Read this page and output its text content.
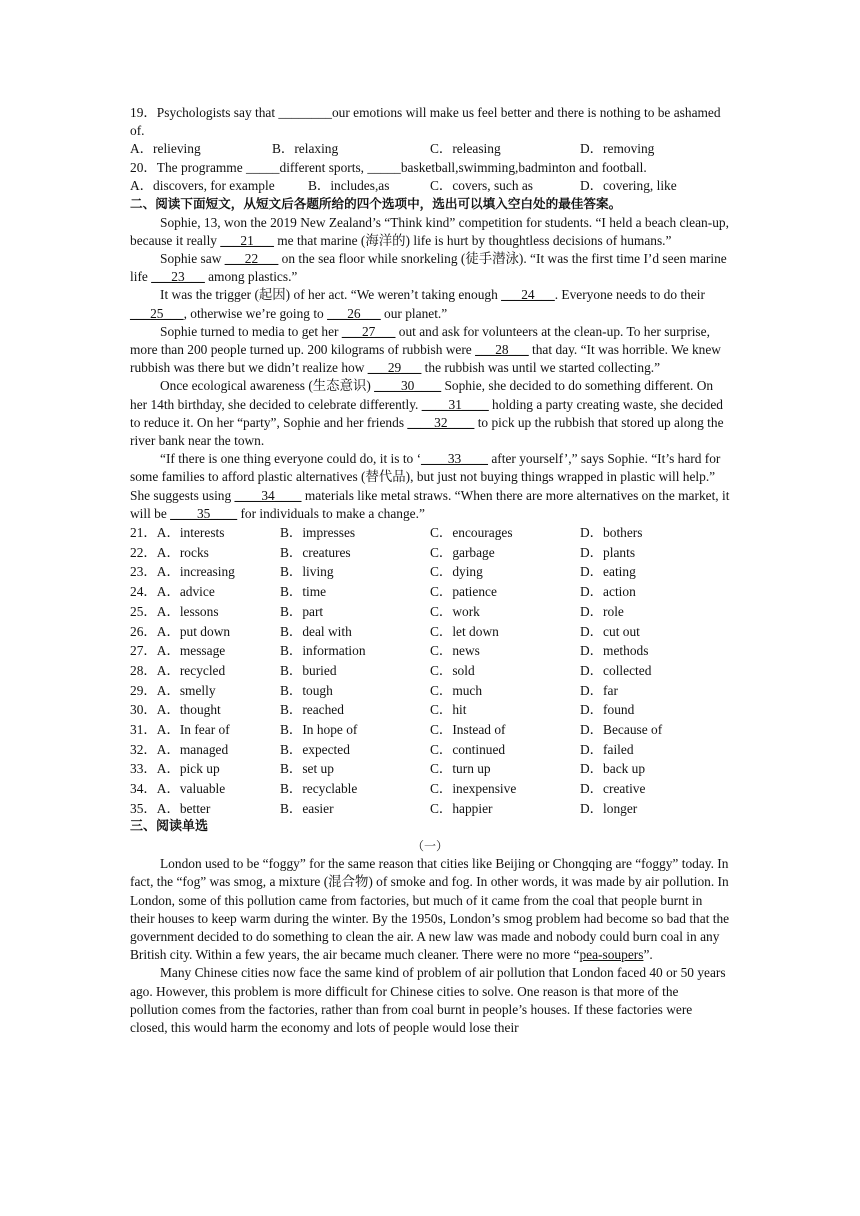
19．Psychologists say that ________our emotions will make us feel better and there is nothing to be ashamed of.

A．relieving	B．relaxing	C．releasing	D．removing

20．The programme _____different sports, _____basketball,swimming,badminton and football.

A．discovers, for example	B．includes,as	C．covers, such as	D．covering, like

二、阅读下面短文，从短文后各题所给的四个选项中，选出可以填入空白处的最佳答案。

Sophie, 13, won the 2019 New Zealand’s “Think kind” competition for students. “I held a beach clean-up, because it really ___21___ me that marine (海洋的) life is hurt by thoughtless decisions of humans.”

Sophie saw ___22___ on the sea floor while snorkeling (徒手潜泳). “It was the first time I’d seen marine life ___23___ among plastics.”

It was the trigger (起因) of her act. “We weren’t taking enough ___24___. Everyone needs to do their ___25___, otherwise we’re going to ___26___ our planet.”

Sophie turned to media to get her ___27___ out and ask for volunteers at the clean-up. To her surprise, more than 200 people turned up. 200 kilograms of rubbish were ___28___ that day. “It was horrible. We knew rubbish was there but we didn’t realize how ___29___ the rubbish was until we started collecting.”

Once ecological awareness (生态意识) ____30____ Sophie, she decided to do something different. On her 14th birthday, she decided to celebrate differently. ____31____ holding a party creating waste, she decided to reduce it. On her “party”, Sophie and her friends ____32____ to pick up the rubbish that stored up along the river bank near the town.

“If there is one thing everyone could do, it is to ‘____33____ after yourself’,” says Sophie. “It’s hard for some families to afford plastic alternatives (替代品), but just not buying things wrapped in plastic will help.” She suggests using ____34____ materials like metal straws. “When there are more alternatives on the market, it will be ____35____ for individuals to make a change.”

21．A．interests	B．impresses	C．encourages	D．bothers
22．A．rocks	B．creatures	C．garbage	D．plants
23．A．increasing	B．living	C．dying	D．eating
24．A．advice	B．time	C．patience	D．action
25．A．lessons	B．part	C．work	D．role
26．A．put down	B．deal with	C．let down	D．cut out
27．A．message	B．information	C．news	D．methods
28．A．recycled	B．buried	C．sold	D．collected
29．A．smelly	B．tough	C．much	D．far
30．A．thought	B．reached	C．hit	D．found
31．A．In fear of	B．In hope of	C．Instead of	D．Because of
32．A．managed	B．expected	C．continued	D．failed
33．A．pick up	B．set up	C．turn up	D．back up
34．A．valuable	B．recyclable	C．inexpensive	D．creative
35．A．better	B．easier	C．happier	D．longer

三、阅读单选

（一）

London used to be “foggy” for the same reason that cities like Beijing or Chongqing are “foggy” today. In fact, the “fog” was smog, a mixture (混合物) of smoke and fog. In other words, it was made by air pollution. In London, some of this pollution came from factories, but much of it came from the coal that people burnt in their houses to keep warm during the winter. By the 1950s, London’s smog problem had become so bad that the government decided to do something to clean the air. A new law was made and nobody could burn coal in any British city. Within a few years, the air became much cleaner. There were no more “pea-soupers”.

Many Chinese cities now face the same kind of problem of air pollution that London faced 40 or 50 years ago. However, this problem is more difficult for Chinese cities to solve. One reason is that more of the pollution comes from the factories, rather than from coal burnt in people’s houses. If these factories were closed, this would harm the economy and lots of people would lose their
